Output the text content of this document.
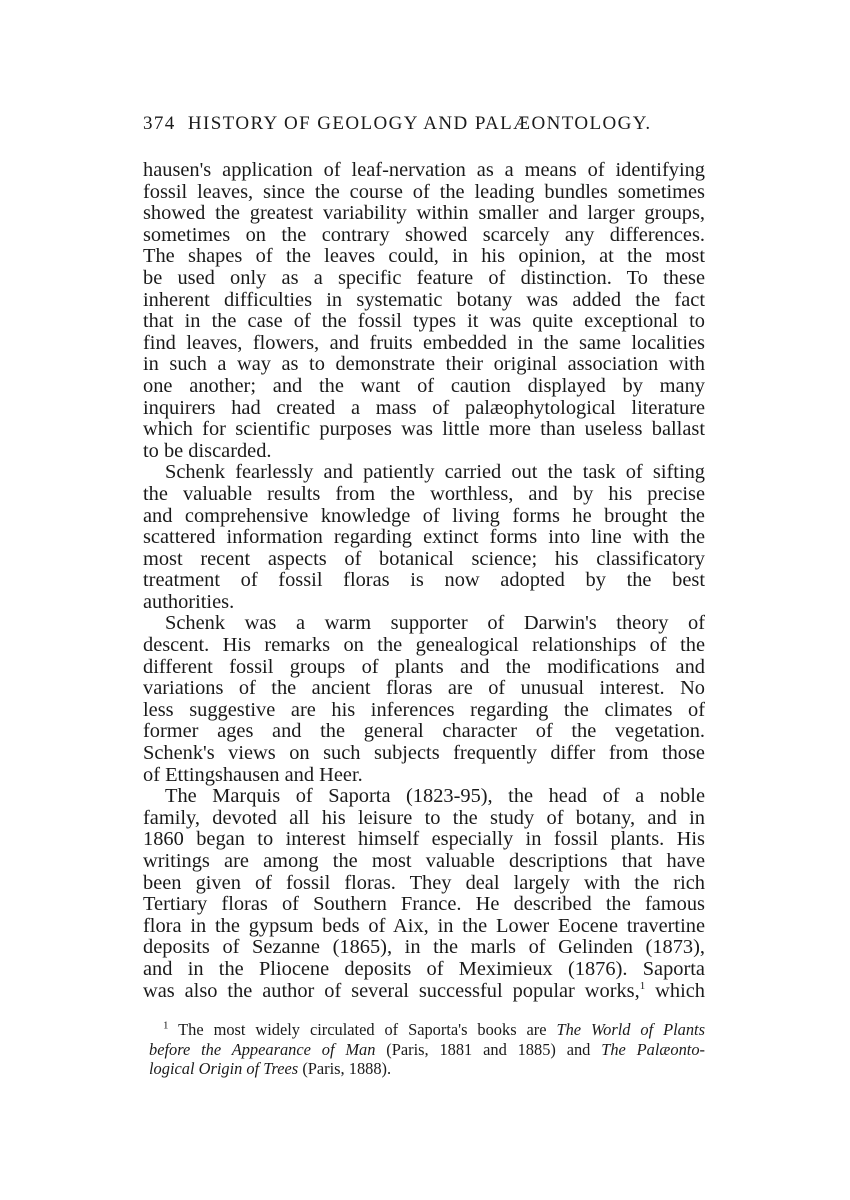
374 HISTORY OF GEOLOGY AND PALÆONTOLOGY.
hausen's application of leaf-nervation as a means of identifying
fossil leaves, since the course of the leading bundles sometimes
showed the greatest variability within smaller and larger groups,
sometimes on the contrary showed scarcely any differences.
The shapes of the leaves could, in his opinion, at the most
be used only as a specific feature of distinction. To these
inherent difficulties in systematic botany was added the fact
that in the case of the fossil types it was quite exceptional to
find leaves, flowers, and fruits embedded in the same localities
in such a way as to demonstrate their original association with
one another; and the want of caution displayed by many
inquirers had created a mass of palæophytological literature
which for scientific purposes was little more than useless ballast
to be discarded.
Schenk fearlessly and patiently carried out the task of sifting
the valuable results from the worthless, and by his precise
and comprehensive knowledge of living forms he brought the
scattered information regarding extinct forms into line with the
most recent aspects of botanical science; his classificatory
treatment of fossil floras is now adopted by the best
authorities.
Schenk was a warm supporter of Darwin's theory of
descent. His remarks on the genealogical relationships of the
different fossil groups of plants and the modifications and
variations of the ancient floras are of unusual interest. No
less suggestive are his inferences regarding the climates of
former ages and the general character of the vegetation.
Schenk's views on such subjects frequently differ from those
of Ettingshausen and Heer.
The Marquis of Saporta (1823-95), the head of a noble
family, devoted all his leisure to the study of botany, and in
1860 began to interest himself especially in fossil plants. His
writings are among the most valuable descriptions that have
been given of fossil floras. They deal largely with the rich
Tertiary floras of Southern France. He described the famous
flora in the gypsum beds of Aix, in the Lower Eocene travertine
deposits of Sezanne (1865), in the marls of Gelinden (1873),
and in the Pliocene deposits of Meximieux (1876). Saporta
was also the author of several successful popular works,$^1$ which
$^1$ The most widely circulated of Saporta's books are The World of Plants
before the Appearance of Man (Paris, 1881 and 1885) and The Palæonto-
logical Origin of Trees (Paris, 1888).
